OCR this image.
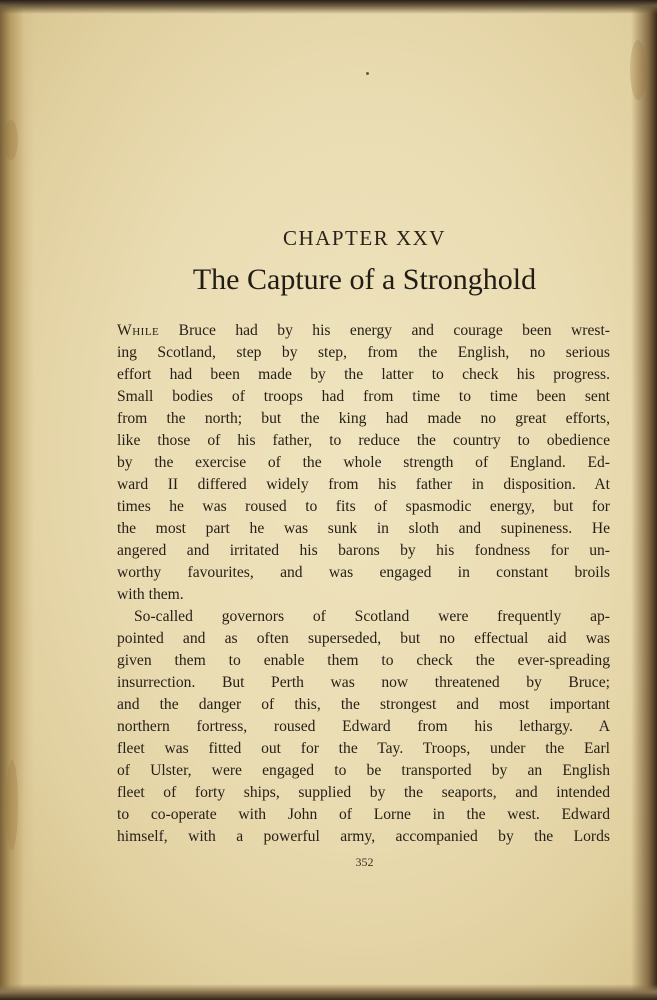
CHAPTER XXV
The Capture of a Stronghold
While Bruce had by his energy and courage been wrest-
ing Scotland, step by step, from the English, no serious
effort had been made by the latter to check his progress.
Small bodies of troops had from time to time been sent
from the north; but the king had made no great efforts,
like those of his father, to reduce the country to obedience
by the exercise of the whole strength of England. Ed-
ward II differed widely from his father in disposition. At
times he was roused to fits of spasmodic energy, but for
the most part he was sunk in sloth and supineness. He
angered and irritated his barons by his fondness for un-
worthy favourites, and was engaged in constant broils
with them.
So-called governors of Scotland were frequently ap-
pointed and as often superseded, but no effectual aid was
given them to enable them to check the ever-spreading
insurrection. But Perth was now threatened by Bruce;
and the danger of this, the strongest and most important
northern fortress, roused Edward from his lethargy. A
fleet was fitted out for the Tay. Troops, under the Earl
of Ulster, were engaged to be transported by an English
fleet of forty ships, supplied by the seaports, and intended
to co-operate with John of Lorne in the west. Edward
himself, with a powerful army, accompanied by the Lords
352
